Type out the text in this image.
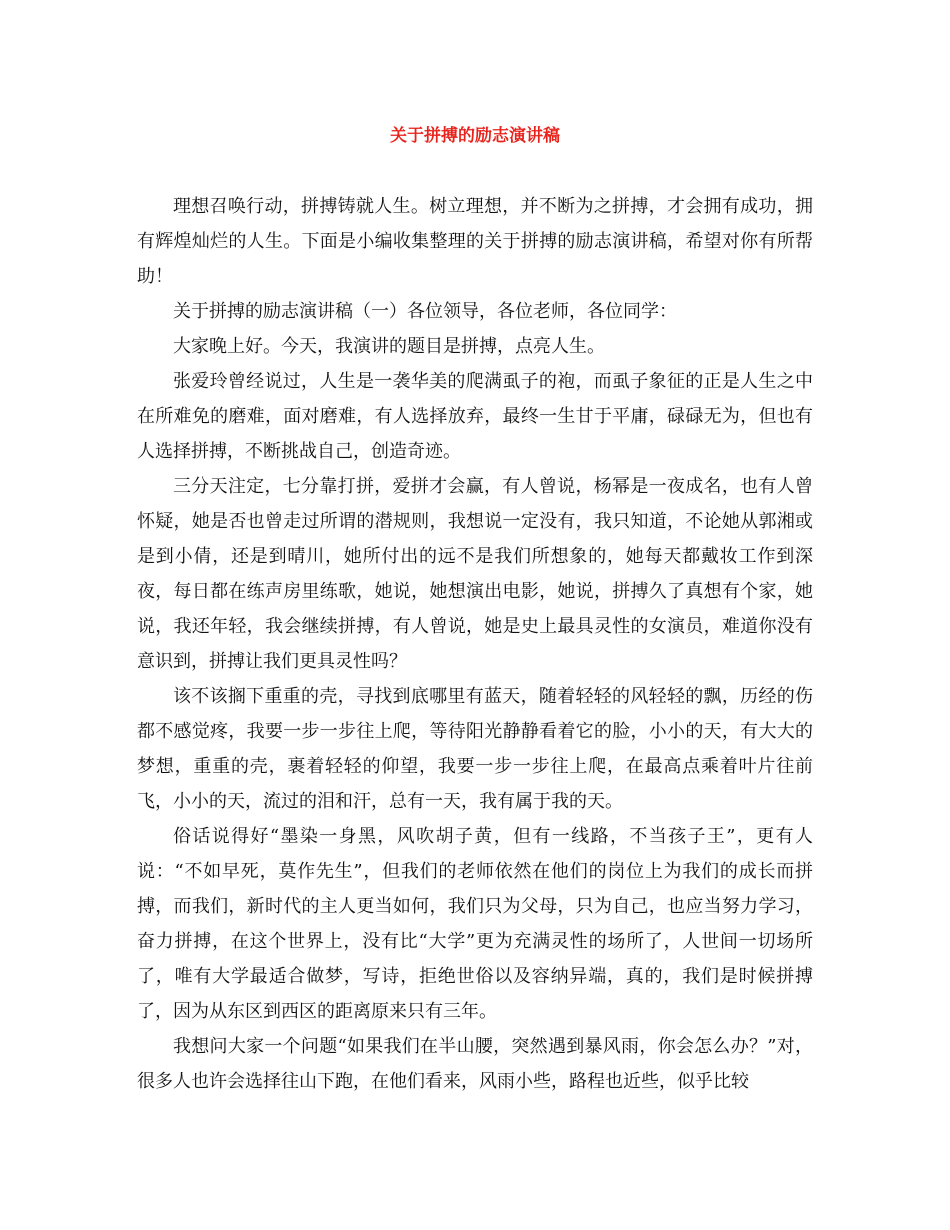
关于拼搏的励志演讲稿

理想召唤行动，拼搏铸就人生。树立理想，并不断为之拼搏，才会拥有成功，拥有辉煌灿烂的人生。下面是小编收集整理的关于拼搏的励志演讲稿，希望对你有所帮助！

关于拼搏的励志演讲稿（一）各位领导，各位老师，各位同学：

大家晚上好。今天，我演讲的题目是拼搏，点亮人生。

张爱玲曾经说过，人生是一袭华美的爬满虱子的袍，而虱子象征的正是人生之中在所难免的磨难，面对磨难，有人选择放弃，最终一生甘于平庸，碌碌无为，但也有人选择拼搏，不断挑战自己，创造奇迹。

三分天注定，七分靠打拼，爱拼才会赢，有人曾说，杨幂是一夜成名，也有人曾怀疑，她是否也曾走过所谓的潜规则，我想说一定没有，我只知道，不论她从郭湘或是到小倩，还是到晴川，她所付出的远不是我们所想象的，她每天都戴妆工作到深夜，每日都在练声房里练歌，她说，她想演出电影，她说，拼搏久了真想有个家，她说，我还年轻，我会继续拼搏，有人曾说，她是史上最具灵性的女演员，难道你没有意识到，拼搏让我们更具灵性吗？

该不该搁下重重的壳，寻找到底哪里有蓝天，随着轻轻的风轻轻的飘，历经的伤都不感觉疼，我要一步一步往上爬，等待阳光静静看着它的脸，小小的天，有大大的梦想，重重的壳，裹着轻轻的仰望，我要一步一步往上爬，在最高点乘着叶片往前飞，小小的天，流过的泪和汗，总有一天，我有属于我的天。

俗话说得好“墨染一身黑，风吹胡子黄，但有一线路，不当孩子王”，更有人说：“不如早死，莫作先生”，但我们的老师依然在他们的岗位上为我们的成长而拼搏，而我们，新时代的主人更当如何，我们只为父母，只为自己，也应当努力学习，奋力拼搏，在这个世界上，没有比“大学”更为充满灵性的场所了，人世间一切场所了，唯有大学最适合做梦，写诗，拒绝世俗以及容纳异端，真的，我们是时候拼搏了，因为从东区到西区的距离原来只有三年。

我想问大家一个问题“如果我们在半山腰，突然遇到暴风雨，你会怎么办？”对，很多人也许会选择往山下跑，在他们看来，风雨小些，路程也近些，似乎比较
